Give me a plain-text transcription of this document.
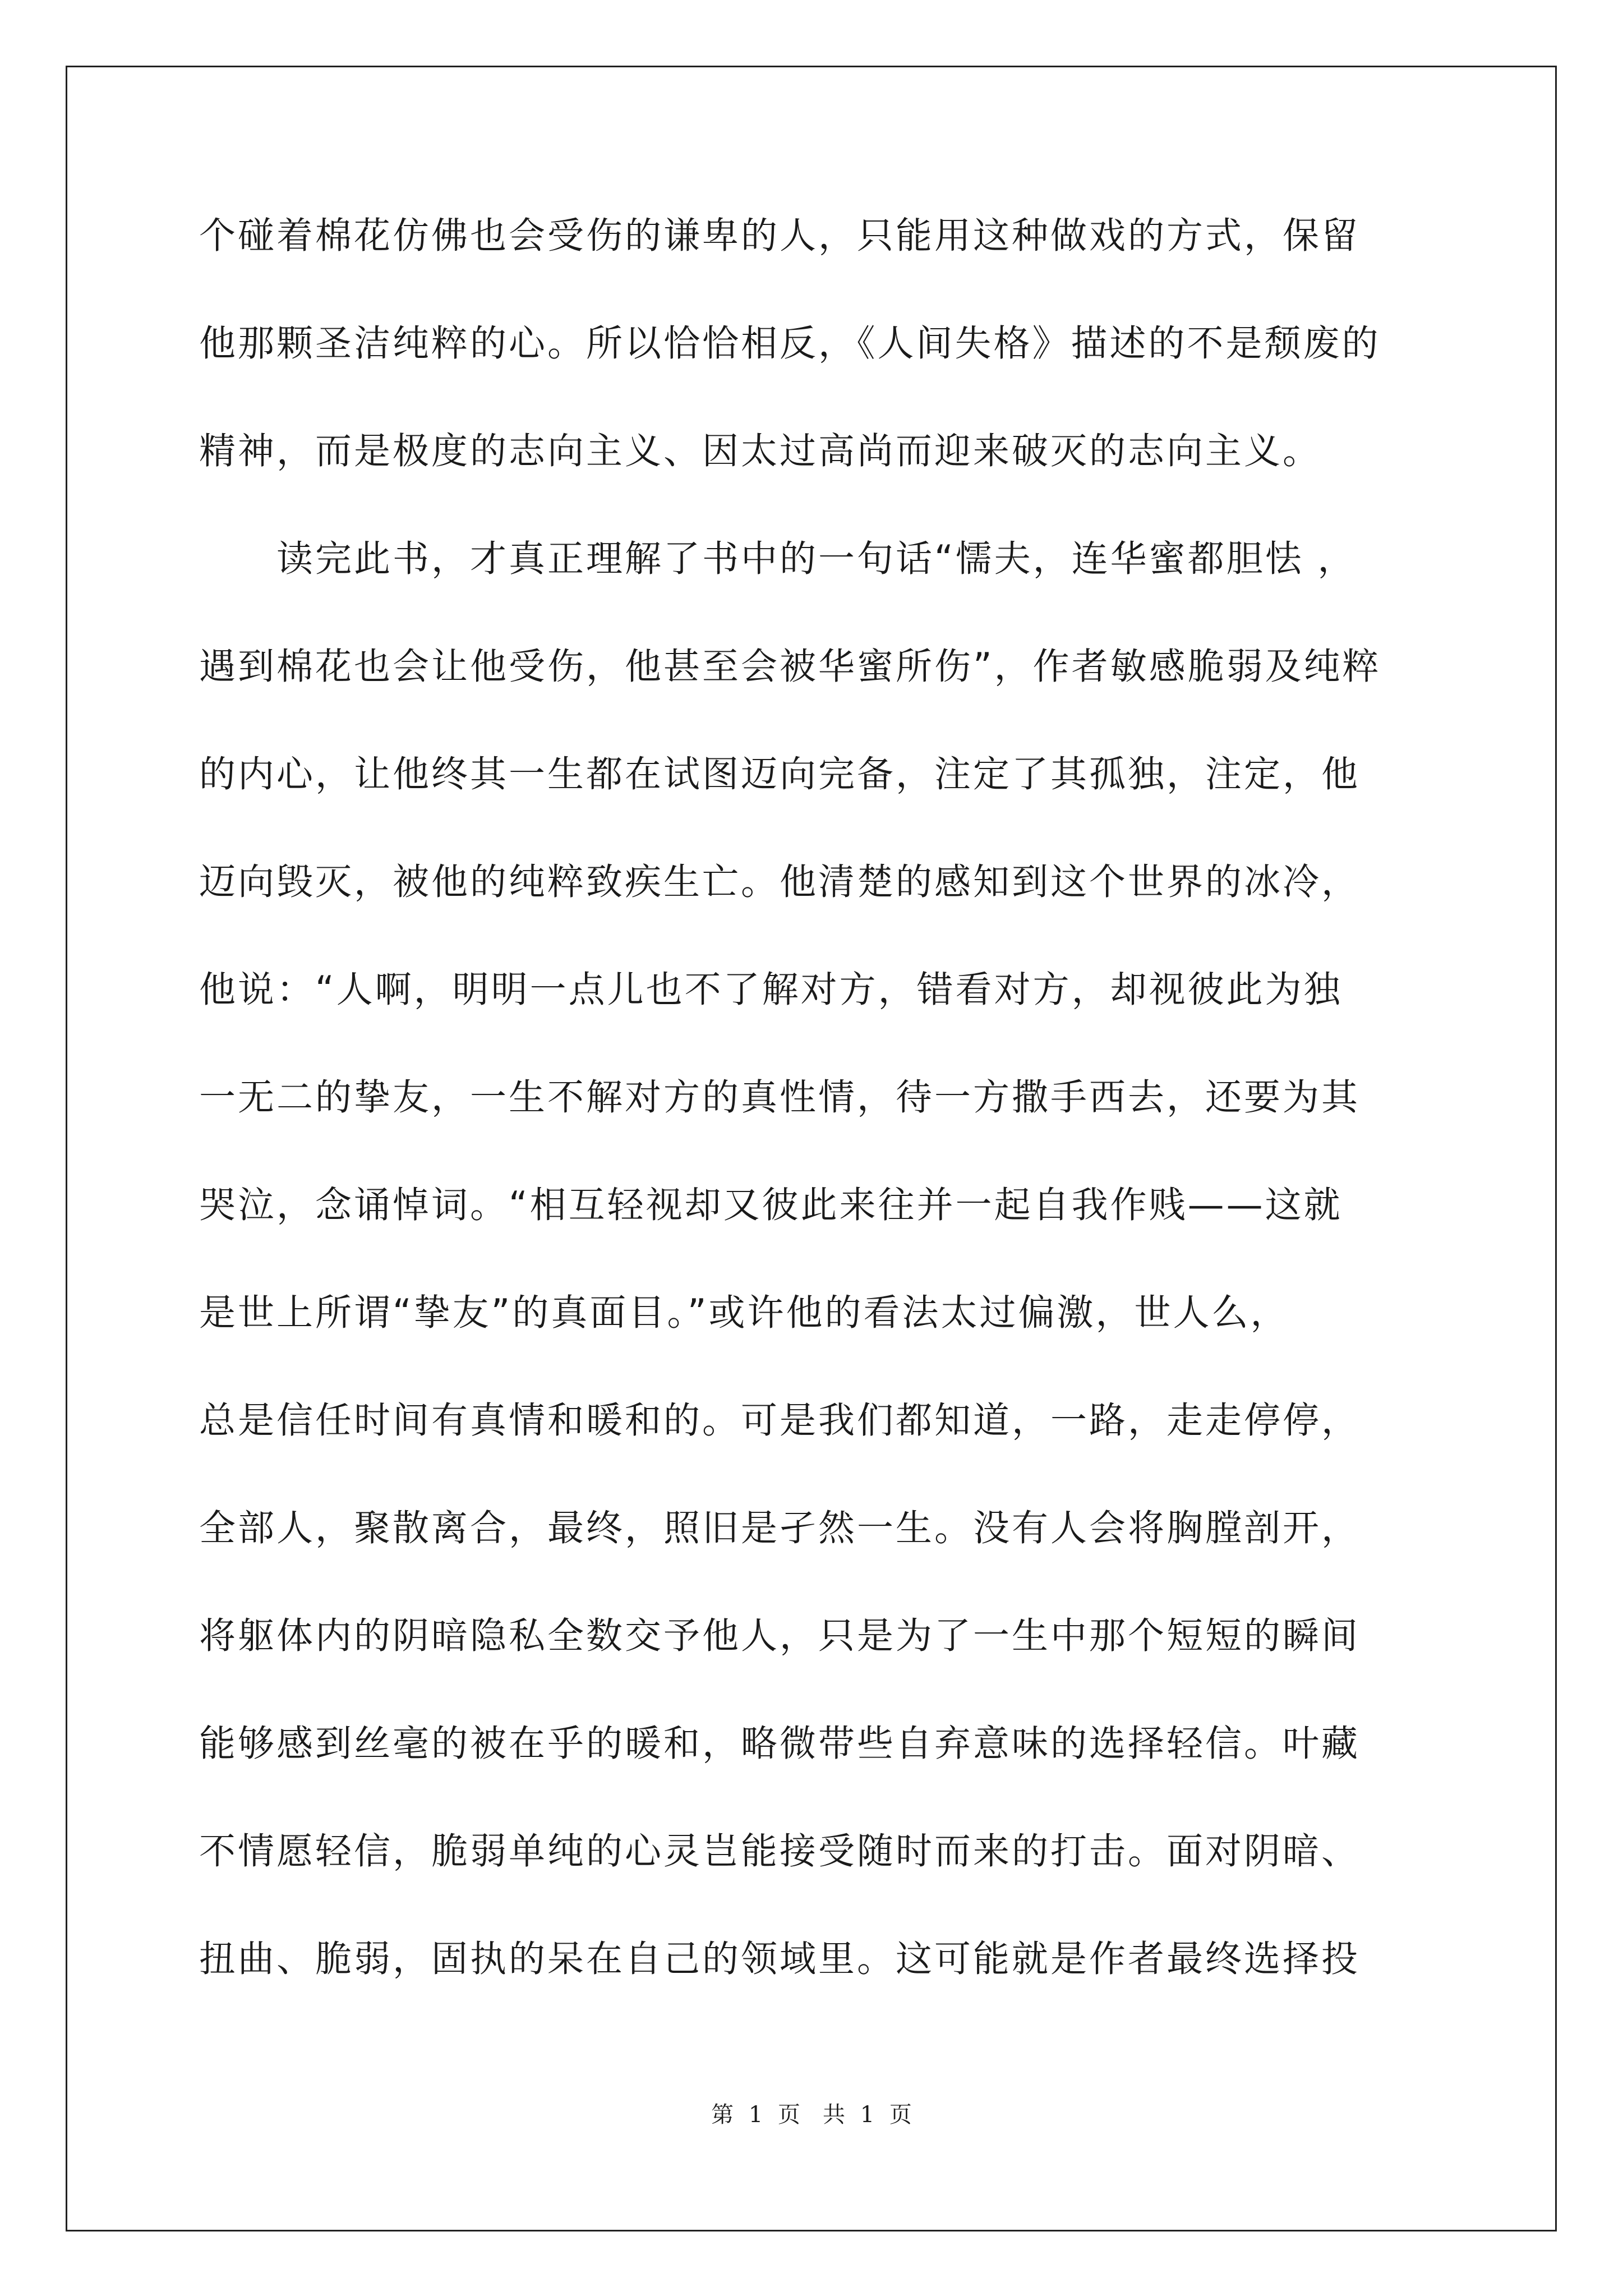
个碰着棉花仿佛也会受伤的谦卑的人，只能用这种做戏的方式，保留
他那颗圣洁纯粹的心。所以恰恰相反，《人间失格》描述的不是颓废的
精神，而是极度的志向主义、因太过高尚而迎来破灭的志向主义。
读完此书，才真正理解了书中的一句话“懦夫，连华蜜都胆怯 ，
遇到棉花也会让他受伤，他甚至会被华蜜所伤”，作者敏感脆弱及纯粹
的内心，让他终其一生都在试图迈向完备，注定了其孤独，注定，他
迈向毁灭，被他的纯粹致疾生亡。他清楚的感知到这个世界的冰冷，
他说：“人啊，明明一点儿也不了解对方，错看对方，却视彼此为独
一无二的挚友，一生不解对方的真性情，待一方撒手西去，还要为其
哭泣，念诵悼词。“相互轻视却又彼此来往并一起自我作贱——这就
是世上所谓“挚友”的真面目。”或许他的看法太过偏激，世人么，
总是信任时间有真情和暖和的。可是我们都知道，一路，走走停停，
全部人，聚散离合，最终，照旧是孑然一生。没有人会将胸膛剖开，
将躯体内的阴暗隐私全数交予他人，只是为了一生中那个短短的瞬间
能够感到丝毫的被在乎的暖和，略微带些自弃意味的选择轻信。叶藏
不情愿轻信，脆弱单纯的心灵岂能接受随时而来的打击。面对阴暗、
扭曲、脆弱，固执的呆在自己的领域里。这可能就是作者最终选择投
第 1 页　共 1 页
